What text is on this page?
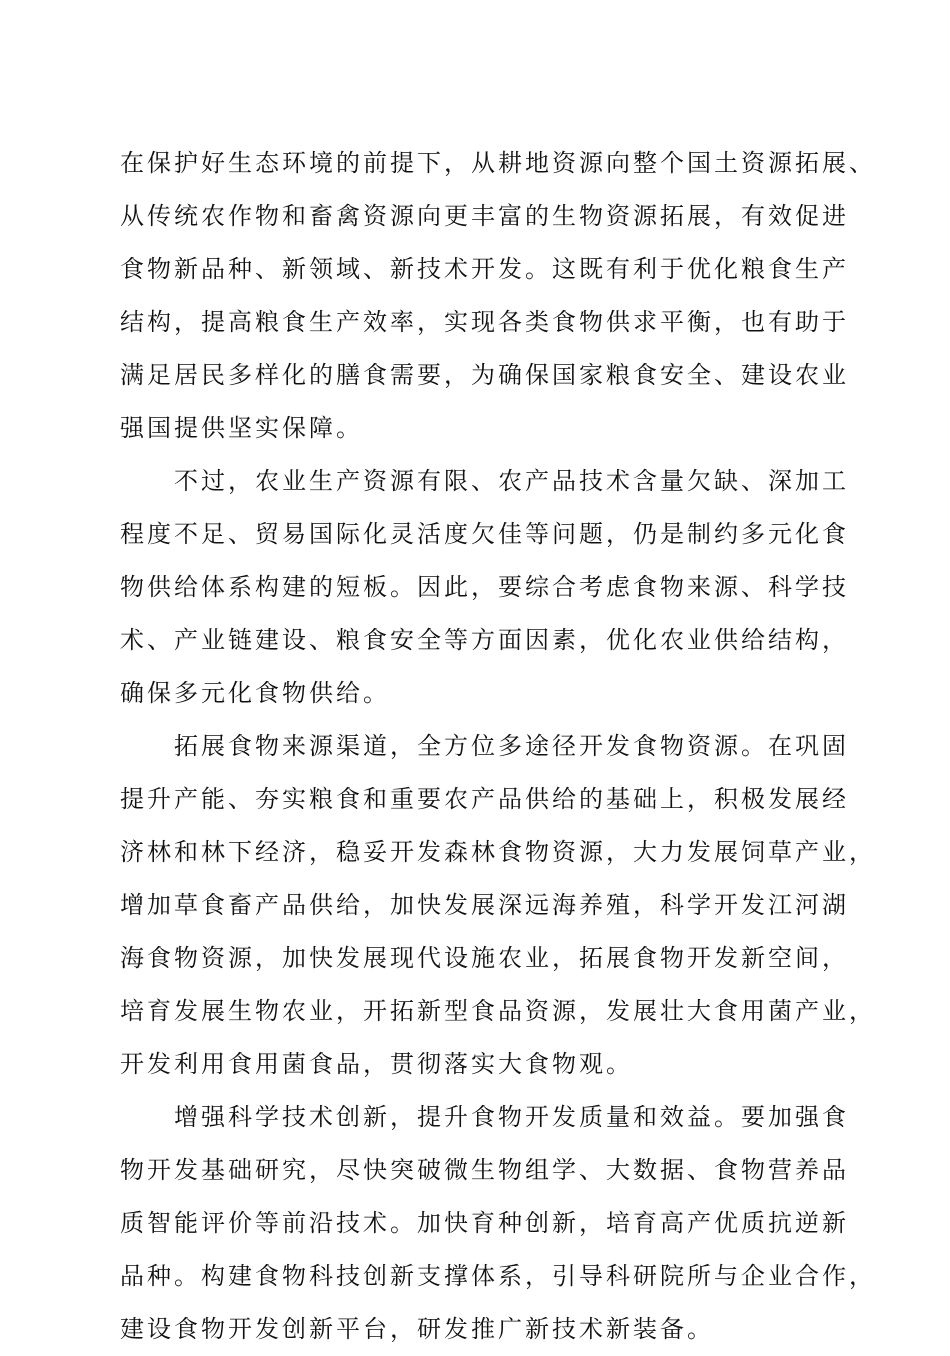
在保护好生态环境的前提下，从耕地资源向整个国土资源拓展、
从传统农作物和畜禽资源向更丰富的生物资源拓展，有效促进
食物新品种、新领域、新技术开发。这既有利于优化粮食生产
结构，提高粮食生产效率，实现各类食物供求平衡，也有助于
满足居民多样化的膳食需要，为确保国家粮食安全、建设农业
强国提供坚实保障。
不过，农业生产资源有限、农产品技术含量欠缺、深加工
程度不足、贸易国际化灵活度欠佳等问题，仍是制约多元化食
物供给体系构建的短板。因此，要综合考虑食物来源、科学技
术、产业链建设、粮食安全等方面因素，优化农业供给结构，
确保多元化食物供给。
拓展食物来源渠道，全方位多途径开发食物资源。在巩固
提升产能、夯实粮食和重要农产品供给的基础上，积极发展经
济林和林下经济，稳妥开发森林食物资源，大力发展饲草产业，
增加草食畜产品供给，加快发展深远海养殖，科学开发江河湖
海食物资源，加快发展现代设施农业，拓展食物开发新空间，
培育发展生物农业，开拓新型食品资源，发展壮大食用菌产业，
开发利用食用菌食品，贯彻落实大食物观。
增强科学技术创新，提升食物开发质量和效益。要加强食
物开发基础研究，尽快突破微生物组学、大数据、食物营养品
质智能评价等前沿技术。加快育种创新，培育高产优质抗逆新
品种。构建食物科技创新支撑体系，引导科研院所与企业合作，
建设食物开发创新平台，研发推广新技术新装备。
